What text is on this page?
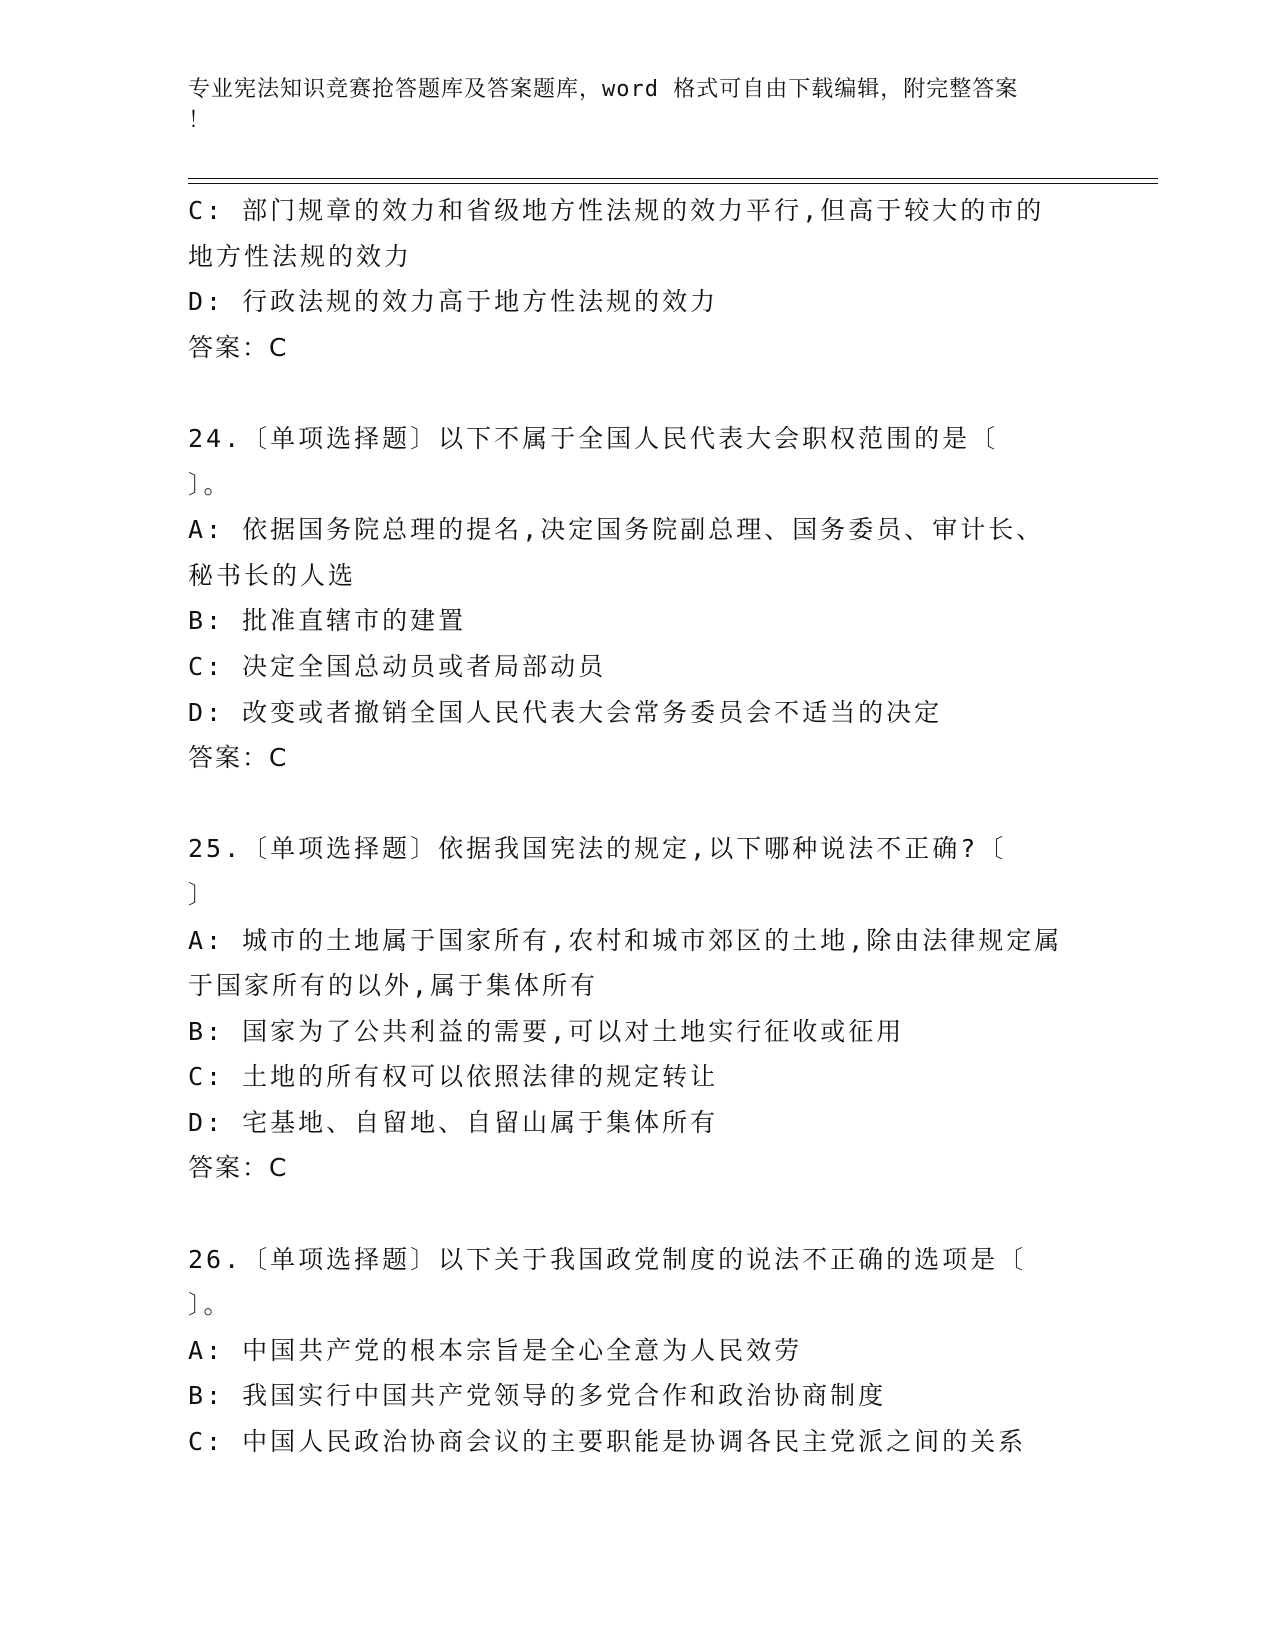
专业宪法知识竞赛抢答题库及答案题库，word 格式可自由下载编辑，附完整答案
！
C: 部门规章的效力和省级地方性法规的效力平行,但高于较大的市的
地方性法规的效力
D: 行政法规的效力高于地方性法规的效力
答案：C
24.〔单项选择题〕以下不属于全国人民代表大会职权范围的是〔
〕。
A: 依据国务院总理的提名,决定国务院副总理、国务委员、审计长、
秘书长的人选
B: 批准直辖市的建置
C: 决定全国总动员或者局部动员
D: 改变或者撤销全国人民代表大会常务委员会不适当的决定
答案：C
25.〔单项选择题〕依据我国宪法的规定,以下哪种说法不正确?〔
〕
A: 城市的土地属于国家所有,农村和城市郊区的土地,除由法律规定属
于国家所有的以外,属于集体所有
B: 国家为了公共利益的需要,可以对土地实行征收或征用
C: 土地的所有权可以依照法律的规定转让
D: 宅基地、自留地、自留山属于集体所有
答案：C
26.〔单项选择题〕以下关于我国政党制度的说法不正确的选项是〔
〕。
A: 中国共产党的根本宗旨是全心全意为人民效劳
B: 我国实行中国共产党领导的多党合作和政治协商制度
C: 中国人民政治协商会议的主要职能是协调各民主党派之间的关系
